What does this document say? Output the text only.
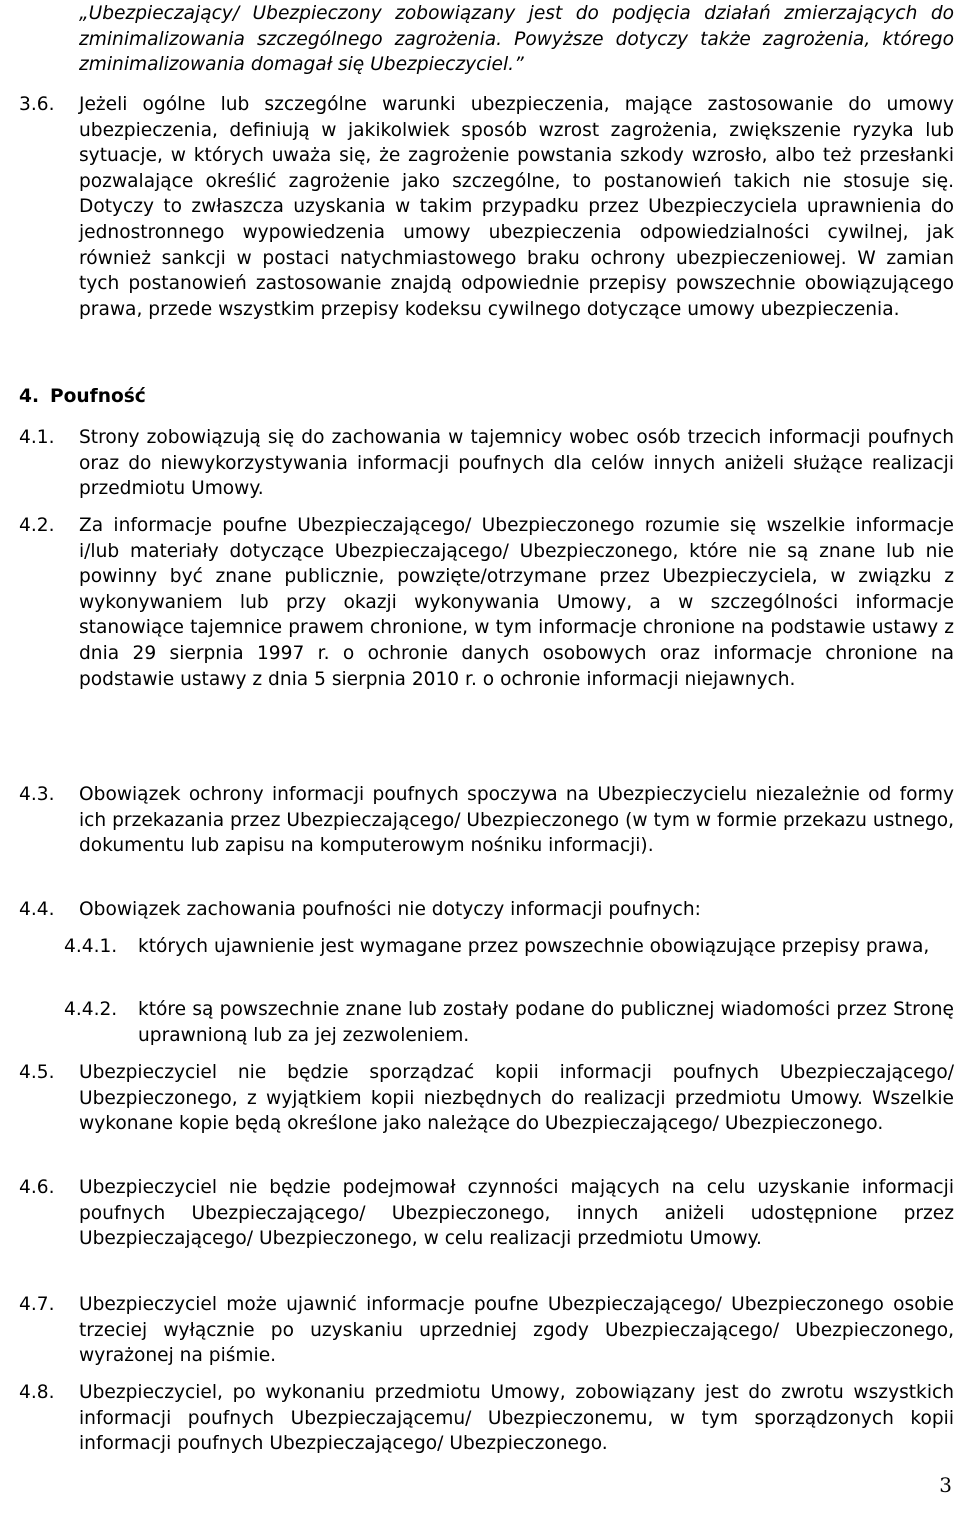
„Ubezpieczający/ Ubezpieczony zobowiązany jest do podjęcia działań zmierzających do zminimalizowania szczególnego zagrożenia. Powyższe dotyczy także zagrożenia, którego zminimalizowania domagał się Ubezpieczyciel.”
3.6. Jeżeli ogólne lub szczególne warunki ubezpieczenia, mające zastosowanie do umowy ubezpieczenia, definiują w jakikolwiek sposób wzrost zagrożenia, zwiększenie ryzyka lub sytuacje, w których uważa się, że zagrożenie powstania szkody wzrosło, albo też przesłanki pozwalające określić zagrożenie jako szczególne, to postanowień takich nie stosuje się. Dotyczy to zwłaszcza uzyskania w takim przypadku przez Ubezpieczyciela uprawnienia do jednostronnego wypowiedzenia umowy ubezpieczenia odpowiedzialności cywilnej, jak również sankcji w postaci natychmiastowego braku ochrony ubezpieczeniowej. W zamian tych postanowień zastosowanie znajdą odpowiednie przepisy powszechnie obowiązującego prawa, przede wszystkim przepisy kodeksu cywilnego dotyczące umowy ubezpieczenia.
4. Poufność
4.1. Strony zobowiązują się do zachowania w tajemnicy wobec osób trzecich informacji poufnych oraz do niewykorzystywania informacji poufnych dla celów innych aniżeli służące realizacji przedmiotu Umowy.
4.2. Za informacje poufne Ubezpieczającego/ Ubezpieczonego rozumie się wszelkie informacje i/lub materiały dotyczące Ubezpieczającego/ Ubezpieczonego, które nie są znane lub nie powinny być znane publicznie, powzięte/otrzymane przez Ubezpieczyciela, w związku z wykonywaniem lub przy okazji wykonywania Umowy, a w szczególności informacje stanowiące tajemnice prawem chronione, w tym informacje chronione na podstawie ustawy z dnia 29 sierpnia 1997 r. o ochronie danych osobowych oraz informacje chronione na podstawie ustawy z dnia 5 sierpnia 2010 r. o ochronie informacji niejawnych.
4.3. Obowiązek ochrony informacji poufnych spoczywa na Ubezpieczycielu niezależnie od formy ich przekazania przez Ubezpieczającego/ Ubezpieczonego (w tym w formie przekazu ustnego, dokumentu lub zapisu na komputerowym nośniku informacji).
4.4. Obowiązek zachowania poufności nie dotyczy informacji poufnych:
4.4.1. których ujawnienie jest wymagane przez powszechnie obowiązujące przepisy prawa,
4.4.2. które są powszechnie znane lub zostały podane do publicznej wiadomości przez Stronę uprawnioną lub za jej zezwoleniem.
4.5. Ubezpieczyciel nie będzie sporządzać kopii informacji poufnych Ubezpieczającego/ Ubezpieczonego, z wyjątkiem kopii niezbędnych do realizacji przedmiotu Umowy. Wszelkie wykonane kopie będą określone jako należące do Ubezpieczającego/ Ubezpieczonego.
4.6. Ubezpieczyciel nie będzie podejmował czynności mających na celu uzyskanie informacji poufnych Ubezpieczającego/ Ubezpieczonego, innych aniżeli udostępnione przez Ubezpieczającego/ Ubezpieczonego, w celu realizacji przedmiotu Umowy.
4.7. Ubezpieczyciel może ujawnić informacje poufne Ubezpieczającego/ Ubezpieczonego osobie trzeciej wyłącznie po uzyskaniu uprzedniej zgody Ubezpieczającego/ Ubezpieczonego, wyrażonej na piśmie.
4.8. Ubezpieczyciel, po wykonaniu przedmiotu Umowy, zobowiązany jest do zwrotu wszystkich informacji poufnych Ubezpieczającemu/ Ubezpieczonemu, w tym sporządzonych kopii informacji poufnych Ubezpieczającego/ Ubezpieczonego.
3
